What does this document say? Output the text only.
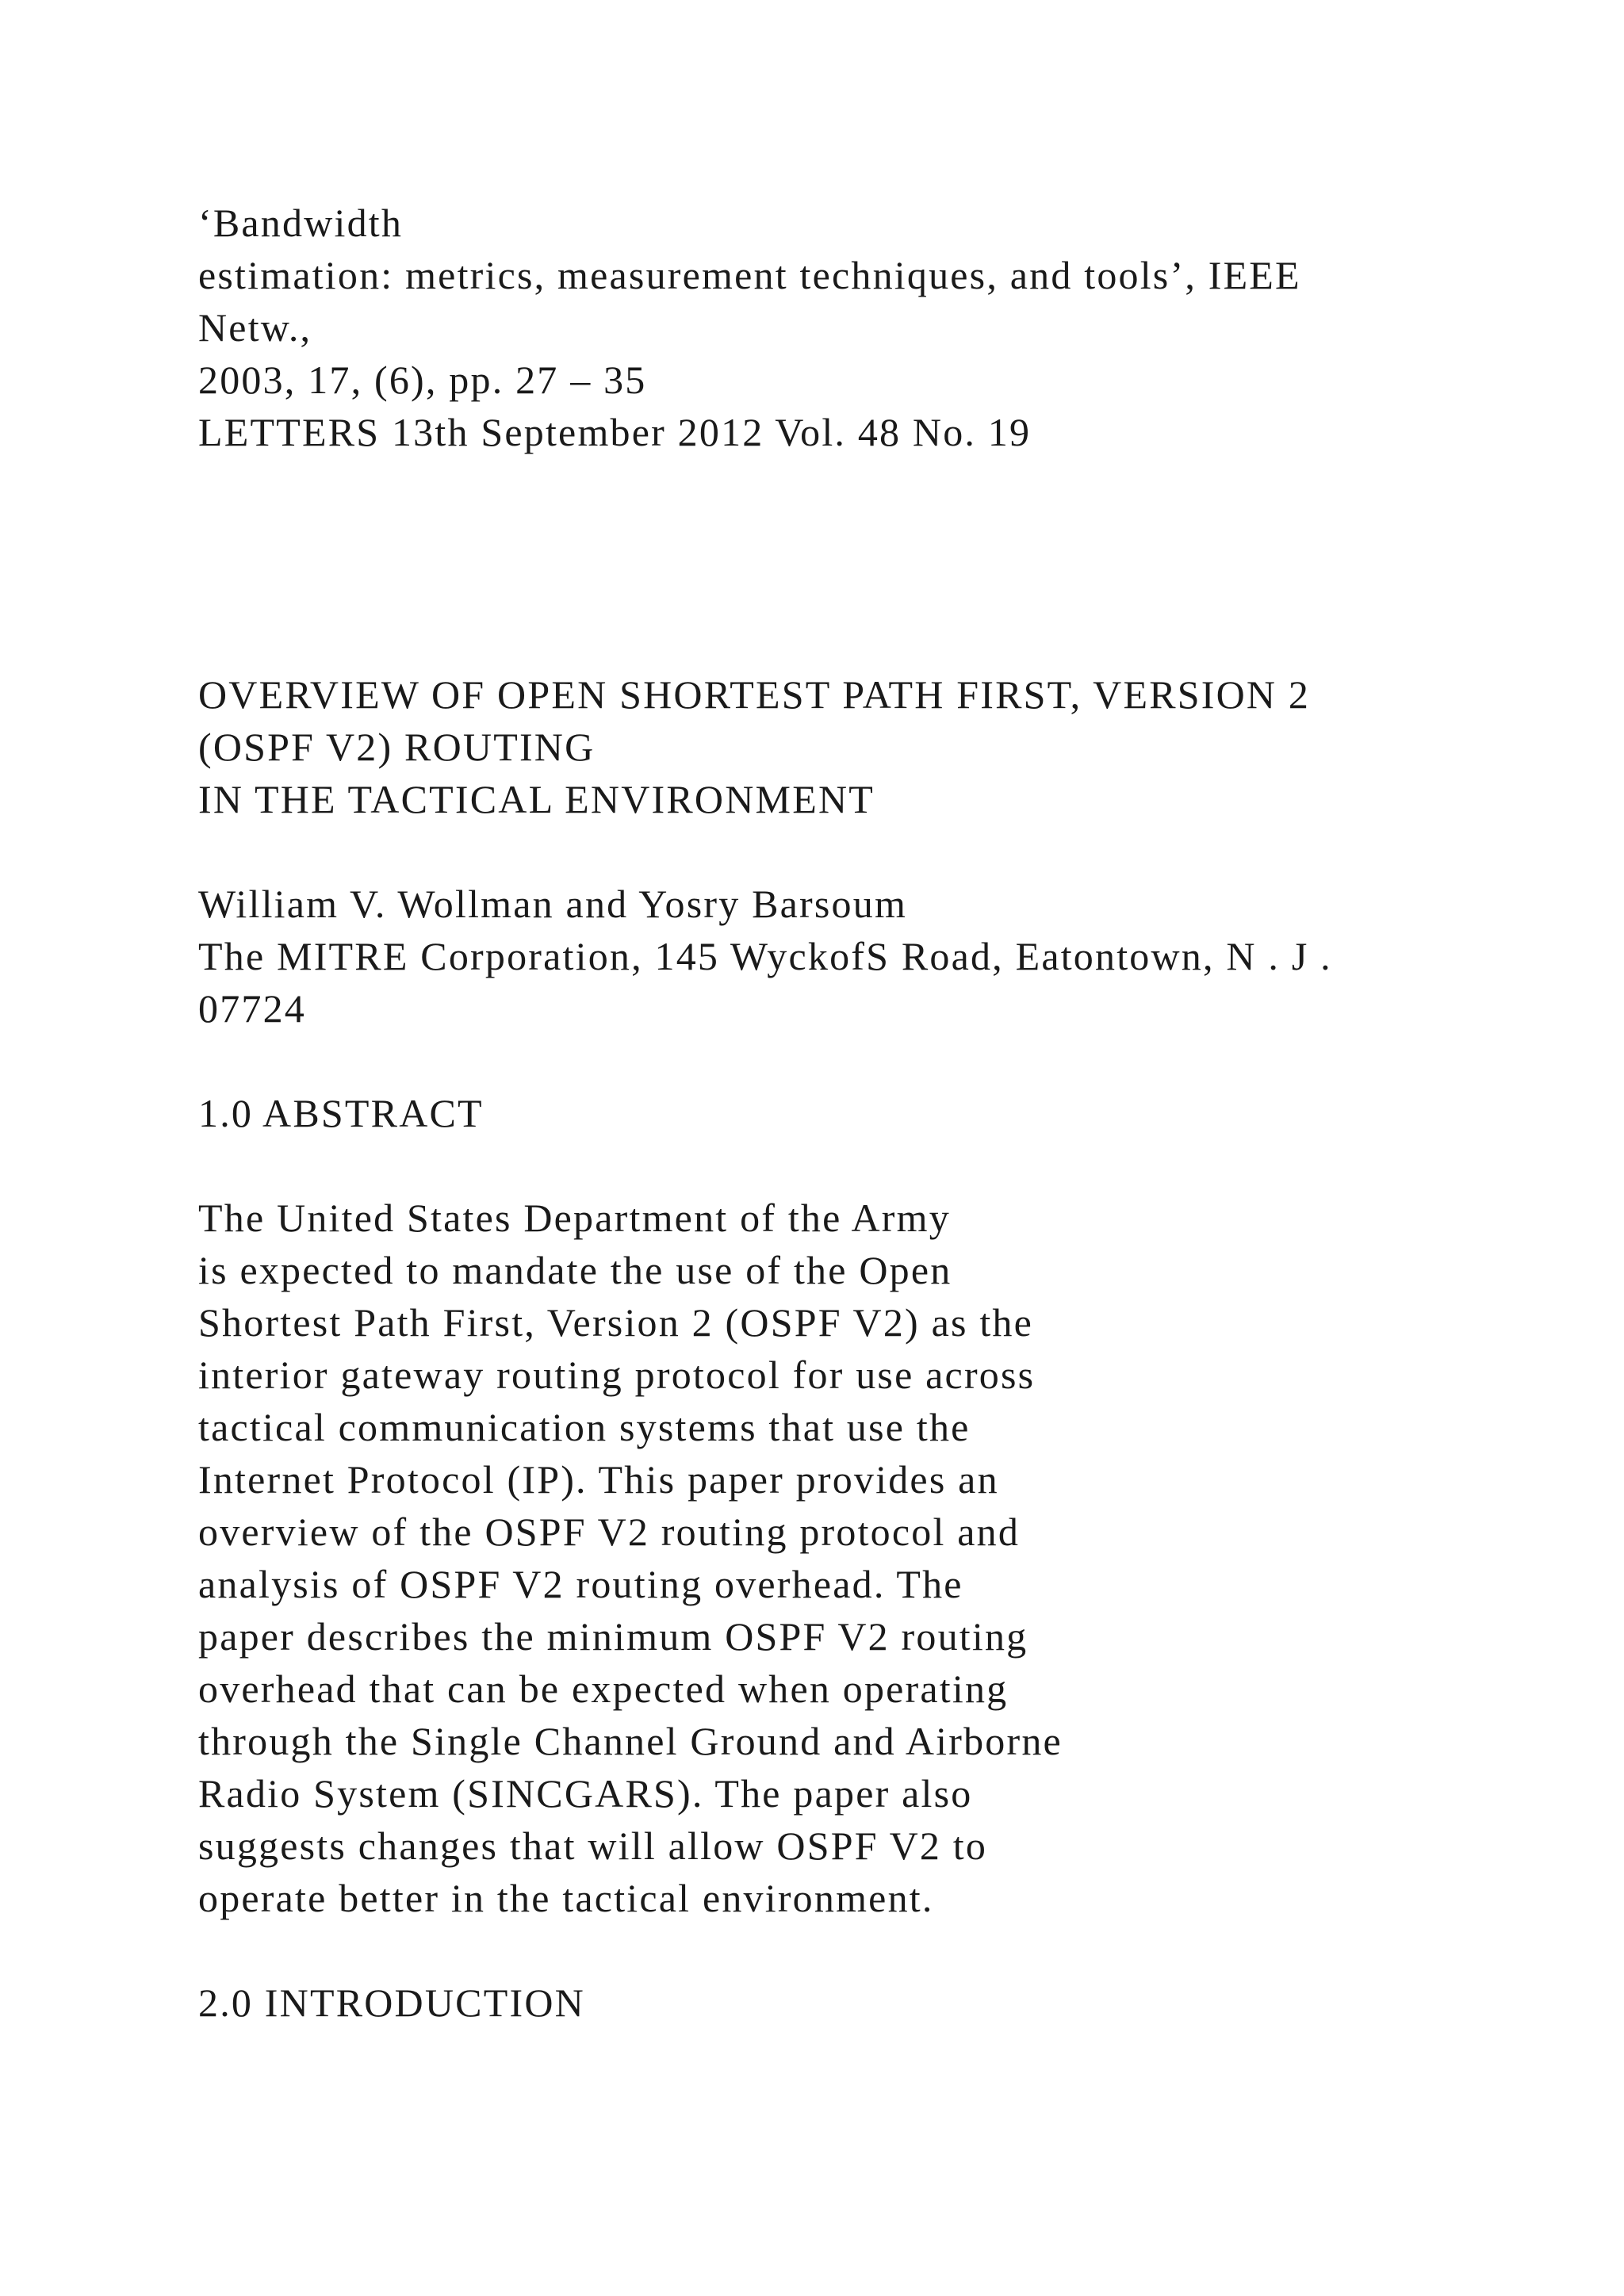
‘Bandwidth

estimation: metrics, measurement techniques, and tools’, IEEE

Netw.,

2003, 17, (6), pp. 27 – 35

LETTERS 13th September 2012 Vol. 48 No. 19

OVERVIEW OF OPEN SHORTEST PATH FIRST, VERSION 2
(OSPF V2) ROUTING
IN THE TACTICAL ENVIRONMENT

William V. Wollman and Yosry Barsoum

The MITRE Corporation, 145 WyckofS Road, Eatontown, N . J .

07724

1.0 ABSTRACT

The United States Department of the Army

is expected to mandate the use of the Open

Shortest Path First, Version 2 (OSPF V2) as the

interior gateway routing protocol for use across

tactical communication systems that use the

Internet Protocol (IP). This paper provides an

overview of the OSPF V2 routing protocol and

analysis of OSPF V2 routing overhead. The

paper describes the minimum OSPF V2 routing

overhead that can be expected when operating

through the Single Channel Ground and Airborne

Radio System (SINCGARS). The paper also

suggests changes that will allow OSPF V2 to

operate better in the tactical environment.

2.0 INTRODUCTION
